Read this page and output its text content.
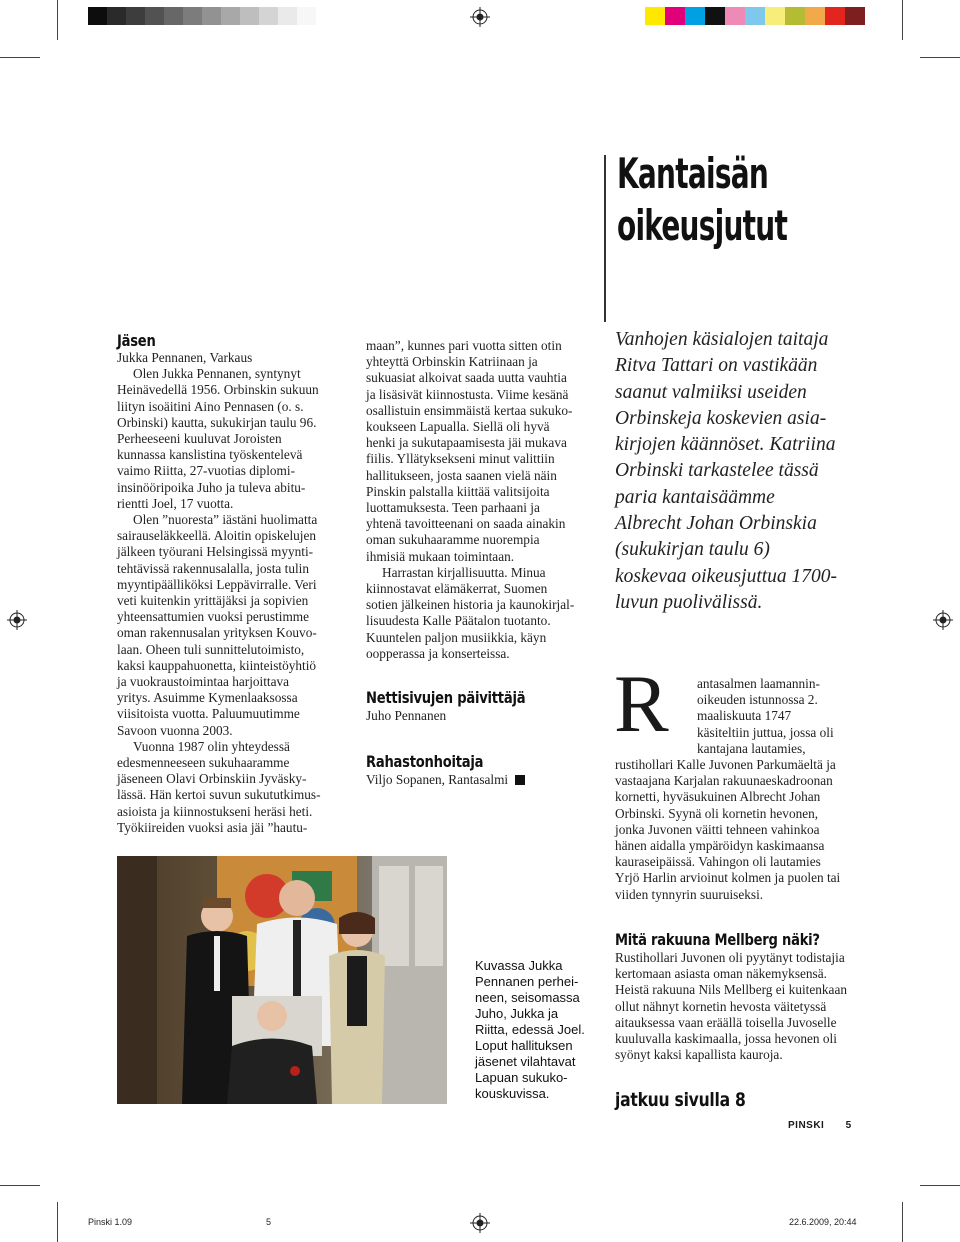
Kantaisän
oikeusjutut
Jäsen

Jukka Pennanen, Varkaus

Olen Jukka Pennanen, syntynyt
Heinävedellä 1956. Orbinskin sukuun
liityn isoäitini Aino Pennasen (o. s.
Orbinski) kautta, sukukirjan taulu 96.
Perheeseeni kuuluvat Joroisten
kunnassa kanslistina työskentelevä
vaimo Riitta, 27-vuotias diplomi-
insinööripoika Juho ja tuleva abitu-
rientti Joel, 17 vuotta.
Olen ”nuoresta” iästäni huolimatta
sairauseläkkeellä. Aloitin opiskelujen
jälkeen työurani Helsingissä myynti-
tehtävissä rakennusalalla, josta tulin
myyntipäälliköksi Leppävirralle. Veri
veti kuitenkin yrittäjäksi ja sopivien
yhteensattumien vuoksi perustimme
oman rakennusalan yrityksen Kouvo-
laan. Oheen tuli sunnittelutoimisto,
kaksi kauppahuonetta, kiinteistöyhtiö
ja vuokraustoimintaa harjoittava
yritys. Asuimme Kymenlaaksossa
viisitoista vuotta. Paluumuutimme
Savoon vuonna 2003.
Vuonna 1987 olin yhteydessä
edesmenneeseen sukuhaaramme
jäseneen Olavi Orbinskiin Jyväsky-
lässä. Hän kertoi suvun sukututkimus-
asioista ja kiinnostukseni heräsi heti.
Työkiireiden vuoksi asia jäi ”hautu-
maan”, kunnes pari vuotta sitten otin
yhteyttä Orbinskin Katriinaan ja
sukuasiat alkoivat saada uutta vauhtia
ja lisäsivät kiinnostusta. Viime kesänä
osallistuin ensimmäistä kertaa sukuko-
koukseen Lapualla. Siellä oli hyvä
henki ja sukutapaamisesta jäi mukava
fiilis. Yllätyksekseni minut valittiin
hallitukseen, josta saanen vielä näin
Pinskin palstalla kiittää valitsijoita
luottamuksesta. Teen parhaani ja
yhtenä tavoitteenani on saada ainakin
oman sukuhaaramme nuorempia
ihmisiä mukaan toimintaan.
Harrastan kirjallisuutta. Minua
kiinnostavat elämäkerrat, Suomen
sotien jälkeinen historia ja kaunokirjal-
lisuudesta Kalle Päätalon tuotanto.
Kuuntelen paljon musiikkia, käyn
oopperassa ja konserteissa.
Nettisivujen päivittäjä
Juho Pennanen
Rahastonhoitaja
Viljo Sopanen, Rantasalmi
Kuvassa Jukka
Pennanen perhei-
neen, seisomassa
Juho, Jukka ja
Riitta, edessä Joel.
Loput hallituksen
jäsenet vilahtavat
Lapuan sukuko-
kouskuvissa.
Vanhojen käsialojen taitaja Ritva Tattari on vastikään saanut valmiiksi useiden Orbinskeja koskevien asiakirjojen käännöset. Katriina Orbinski tarkastelee tässä paria kantaisäämme Albrecht Johan Orbinskia (sukukirjan taulu 6) koskevaa oikeusjuttua 1700-luvun puolivälissä.
R antasalmen laamannin-
oikeuden istunnossa 2.
maaliskuuta 1747
käsiteltiin juttua, jossa oli
kantajana lautamies,
rustihollari Kalle Juvonen Parkumäeltä ja vastaajana Karjalan rakuunaeskadroonan kornetti, hyväsukuinen Albrecht Johan Orbinski. Syynä oli kornetin hevonen, jonka Juvonen väitti tehneen vahinkoa hänen aidalla ympäröidyn kaskimaansa kauraseipäissä. Vahingon oli lautamies Yrjö Harlin arvioinut kolmen ja puolen tai viiden tynnyrin suuruiseksi.
Mitä rakuuna Mellberg näki?
Rustihollari Juvonen oli pyytänyt todistajia kertomaan asiasta oman näkemyksensä. Heistä rakuuna Nils Mellberg ei kuitenkaan ollut nähnyt kornetin hevosta väitetyssä aitauksessa vaan eräällä toisella Juvoselle kuuluvalla kaskimaalla, jossa hevonen oli syönyt kaksi kapallista kauroja.
jatkuu sivulla 8
PINSKI 5
Pinski 1.09	5	22.6.2009, 20:44
